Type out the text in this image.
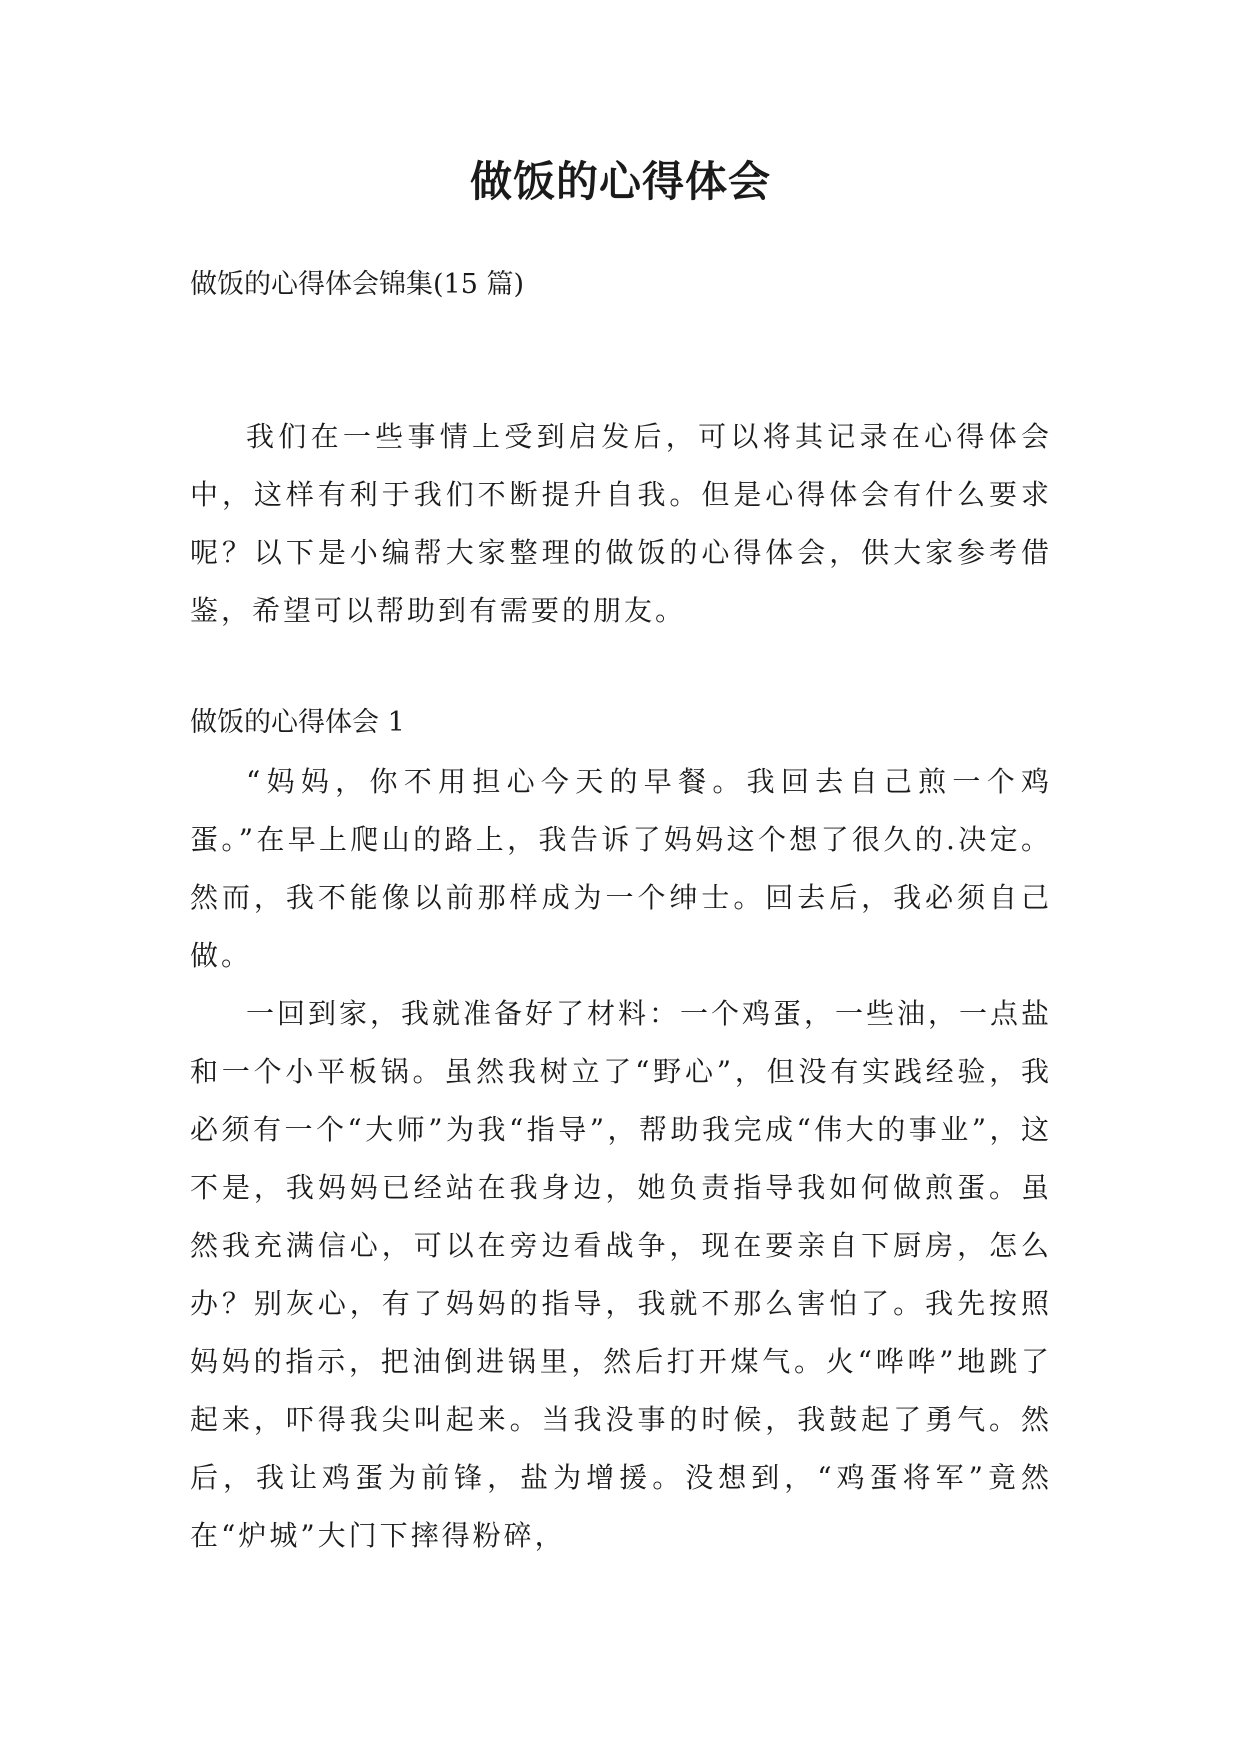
做饭的心得体会

做饭的心得体会锦集(15 篇)

我们在一些事情上受到启发后，可以将其记录在心得体会中，这样有利于我们不断提升自我。但是心得体会有什么要求呢？以下是小编帮大家整理的做饭的心得体会，供大家参考借鉴，希望可以帮助到有需要的朋友。

做饭的心得体会 1

“妈妈，你不用担心今天的早餐。我回去自己煎一个鸡蛋。”在早上爬山的路上，我告诉了妈妈这个想了很久的.决定。然而，我不能像以前那样成为一个绅士。回去后，我必须自己做。

一回到家，我就准备好了材料：一个鸡蛋，一些油，一点盐和一个小平板锅。虽然我树立了“野心”，但没有实践经验，我必须有一个“大师”为我“指导”，帮助我完成“伟大的事业”，这不是，我妈妈已经站在我身边，她负责指导我如何做煎蛋。虽然我充满信心，可以在旁边看战争，现在要亲自下厨房，怎么办？别灰心，有了妈妈的指导，我就不那么害怕了。我先按照妈妈的指示，把油倒进锅里，然后打开煤气。火“哗哗”地跳了起来，吓得我尖叫起来。当我没事的时候，我鼓起了勇气。然后，我让鸡蛋为前锋，盐为增援。没想到，“鸡蛋将军”竟然在“炉城”大门下摔得粉碎，
